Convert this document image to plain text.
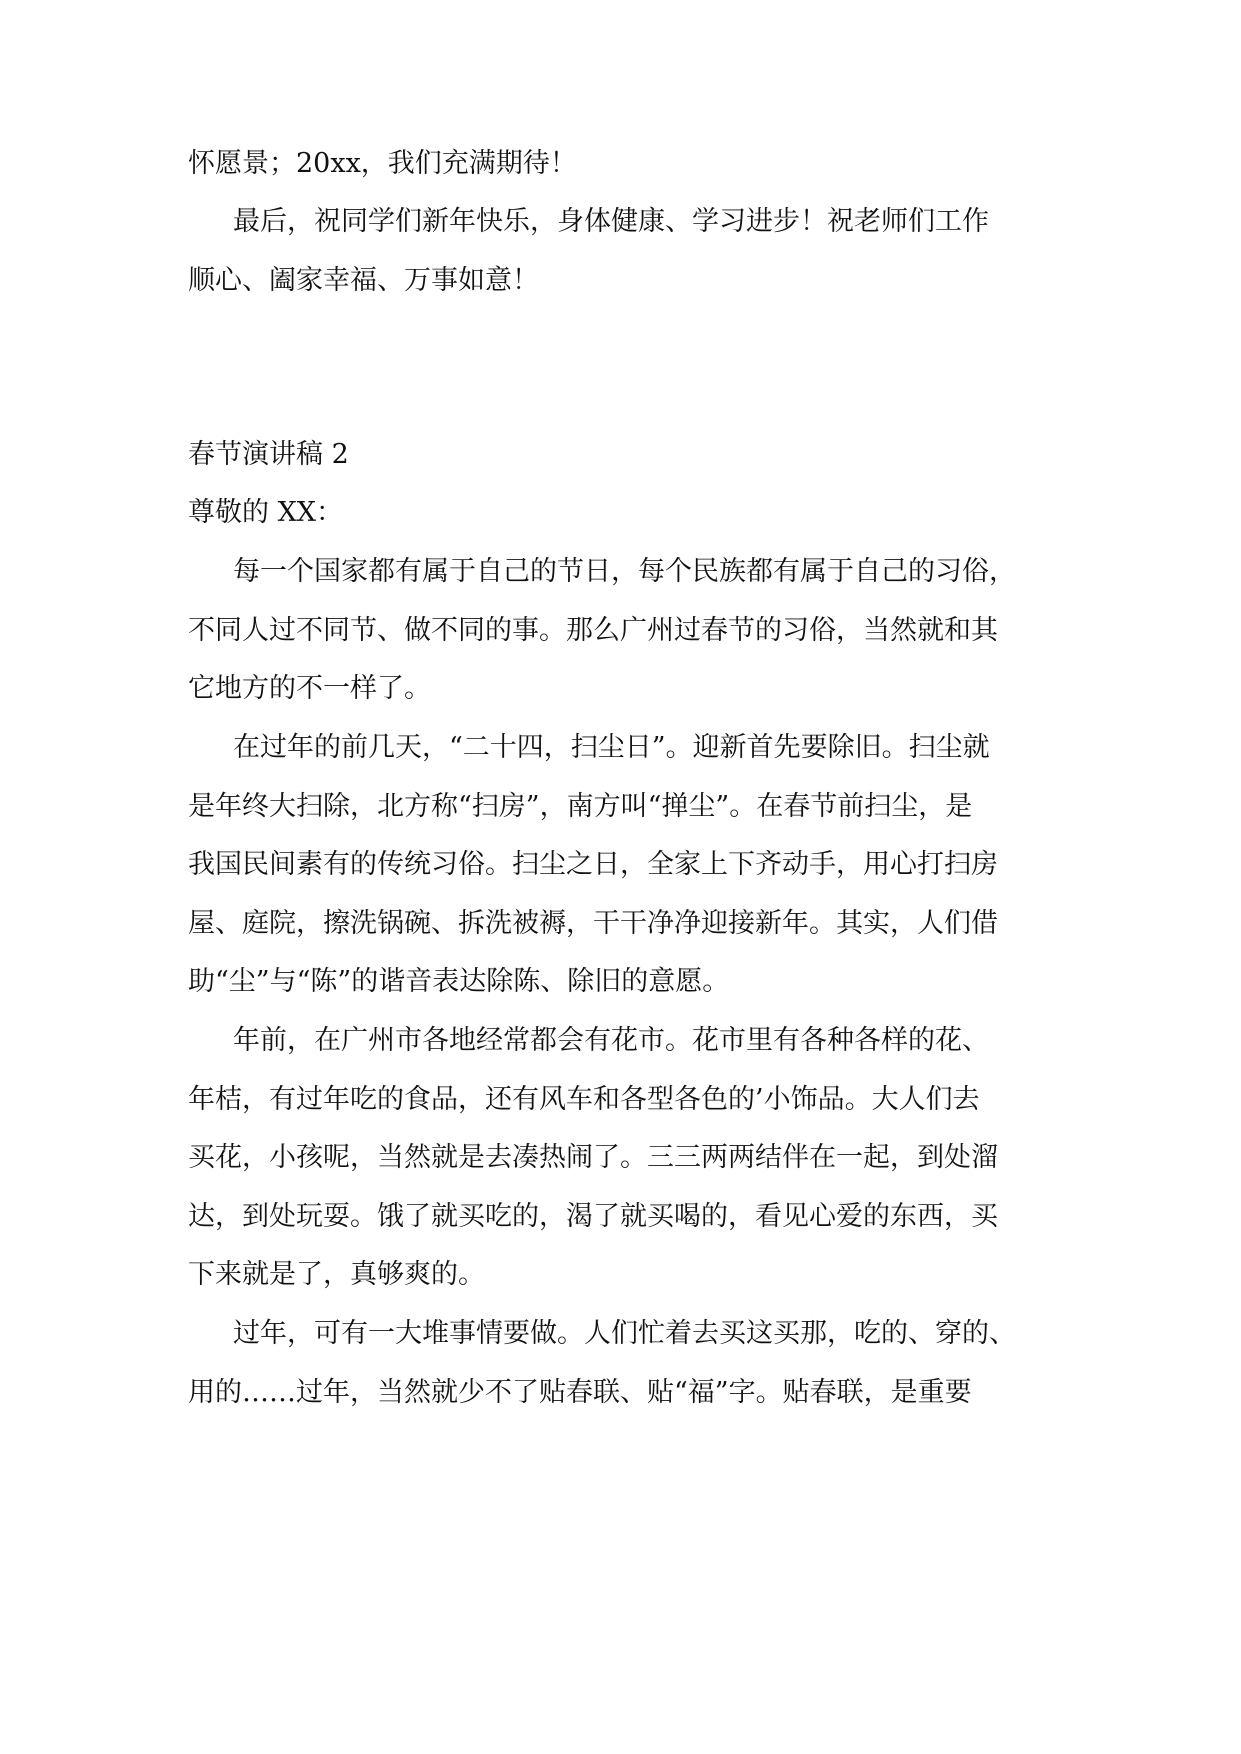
怀愿景；20xx，我们充满期待！

最后，祝同学们新年快乐，身体健康、学习进步！祝老师们工作

顺心、阖家幸福、万事如意！

春节演讲稿 2

尊敬的 XX：

每一个国家都有属于自己的节日，每个民族都有属于自己的习俗，

不同人过不同节、做不同的事。那么广州过春节的习俗，当然就和其

它地方的不一样了。

在过年的前几天，“二十四，扫尘日”。迎新首先要除旧。扫尘就

是年终大扫除，北方称“扫房”，南方叫“掸尘”。在春节前扫尘，是

我国民间素有的传统习俗。扫尘之日，全家上下齐动手，用心打扫房

屋、庭院，擦洗锅碗、拆洗被褥，干干净净迎接新年。其实，人们借

助“尘”与“陈”的谐音表达除陈、除旧的意愿。

年前，在广州市各地经常都会有花市。花市里有各种各样的花、

年桔，有过年吃的食品，还有风车和各型各色的’小饰品。大人们去

买花，小孩呢，当然就是去凑热闹了。三三两两结伴在一起，到处溜

达，到处玩耍。饿了就买吃的，渴了就买喝的，看见心爱的东西，买

下来就是了，真够爽的。

过年，可有一大堆事情要做。人们忙着去买这买那，吃的、穿的、

用的……过年，当然就少不了贴春联、贴“福”字。贴春联，是重要
